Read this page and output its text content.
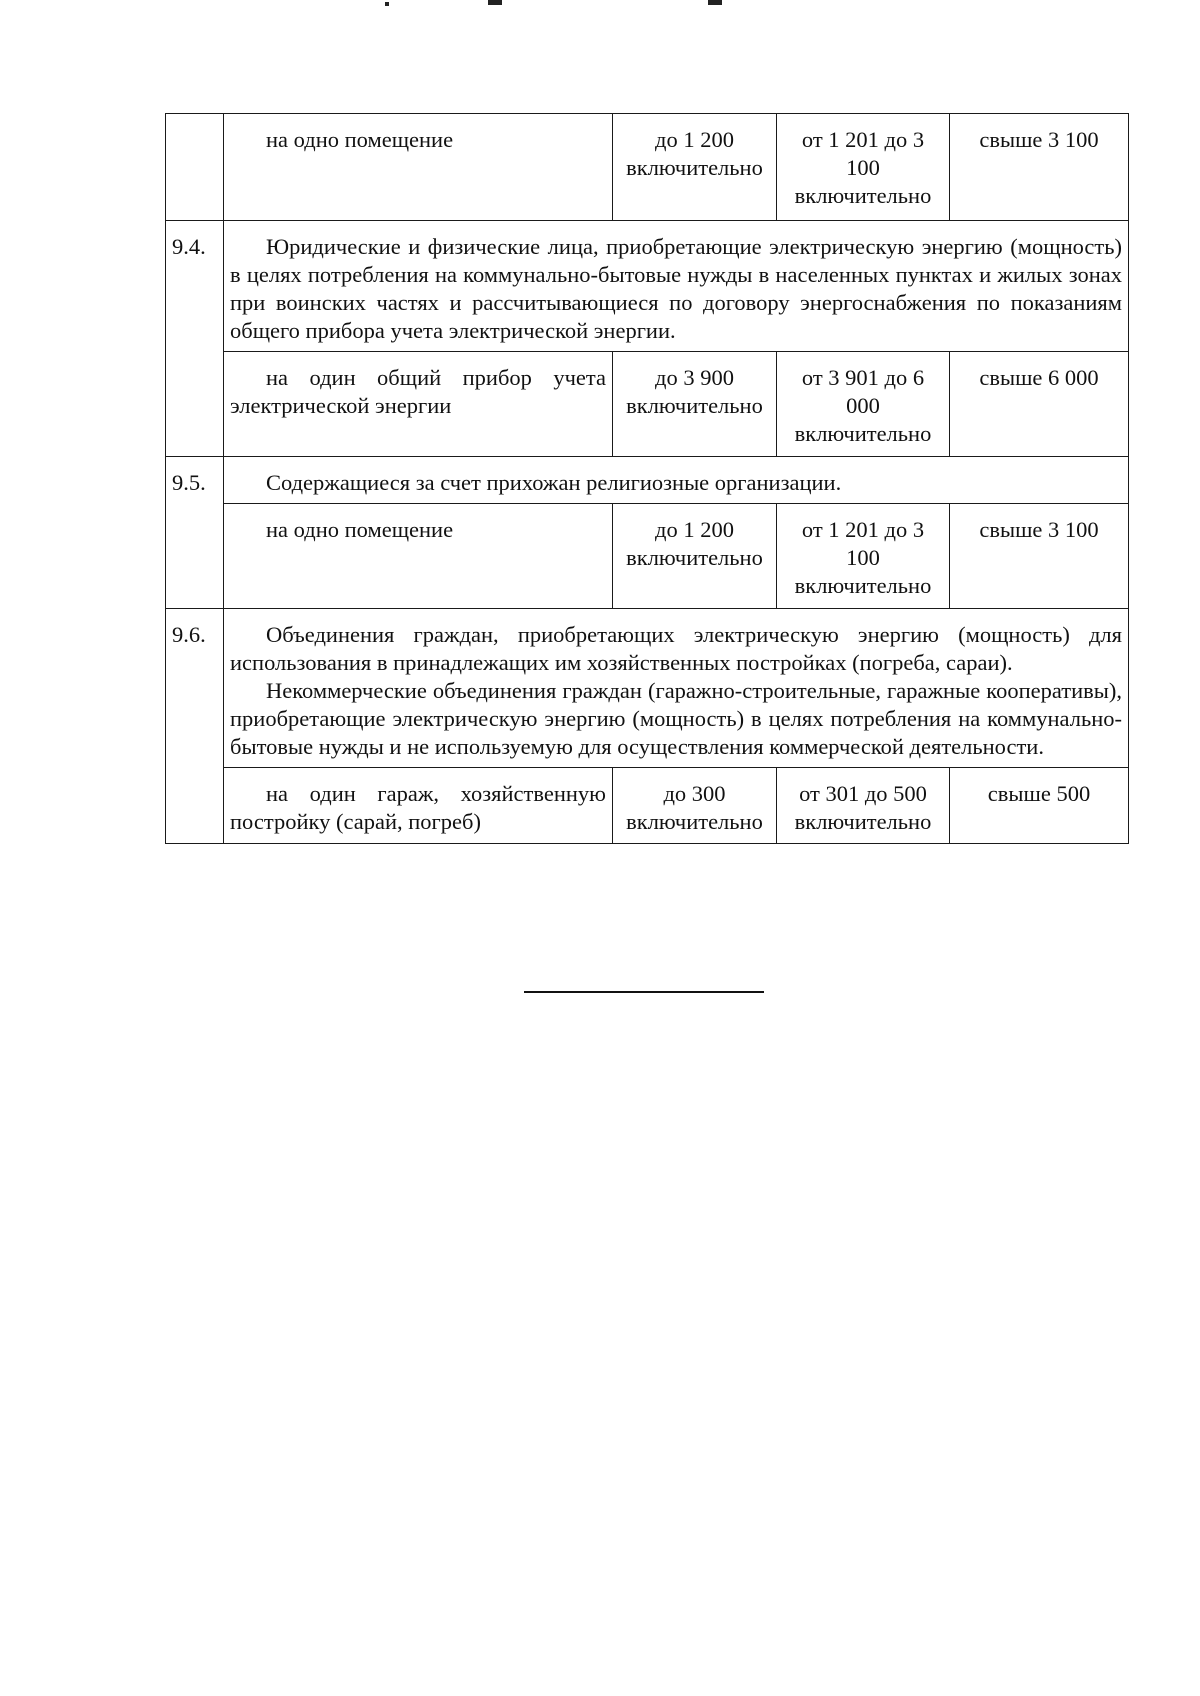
	на одно помещение	до 1 200 включительно	от 1 201 до 3 100 включительно	свыше 3 100
9.4.	Юридические и физические лица, приобретающие электрическую энергию (мощность) в целях потребления на коммунально-бытовые нужды в населенных пунктах и жилых зонах при воинских частях и рассчитывающиеся по договору энергоснабжения по показаниям общего прибора учета электрической энергии.			

	на один общий прибор учета электрической энергии	до 3 900 включительно	от 3 901 до 6 000 включительно	свыше 6 000
9.5.	Содержащиеся за счет прихожан религиозные организации.			

	на одно помещение	до 1 200 включительно	от 1 201 до 3 100 включительно	свыше 3 100
9.6.	Объединения граждан, приобретающих электрическую энергию (мощность) для использования в принадлежащих им хозяйственных постройках (погреба, сараи).

Некоммерческие объединения граждан (гаражно-строительные, гаражные кооперативы), приобретающие электрическую энергию (мощность) в целях потребления на коммунально-бытовые нужды и не используемую для осуществления коммерческой деятельности.			

	на один гараж, хозяйственную постройку (сарай, погреб)	до 300 включительно	от 301 до 500 включительно	свыше 500
